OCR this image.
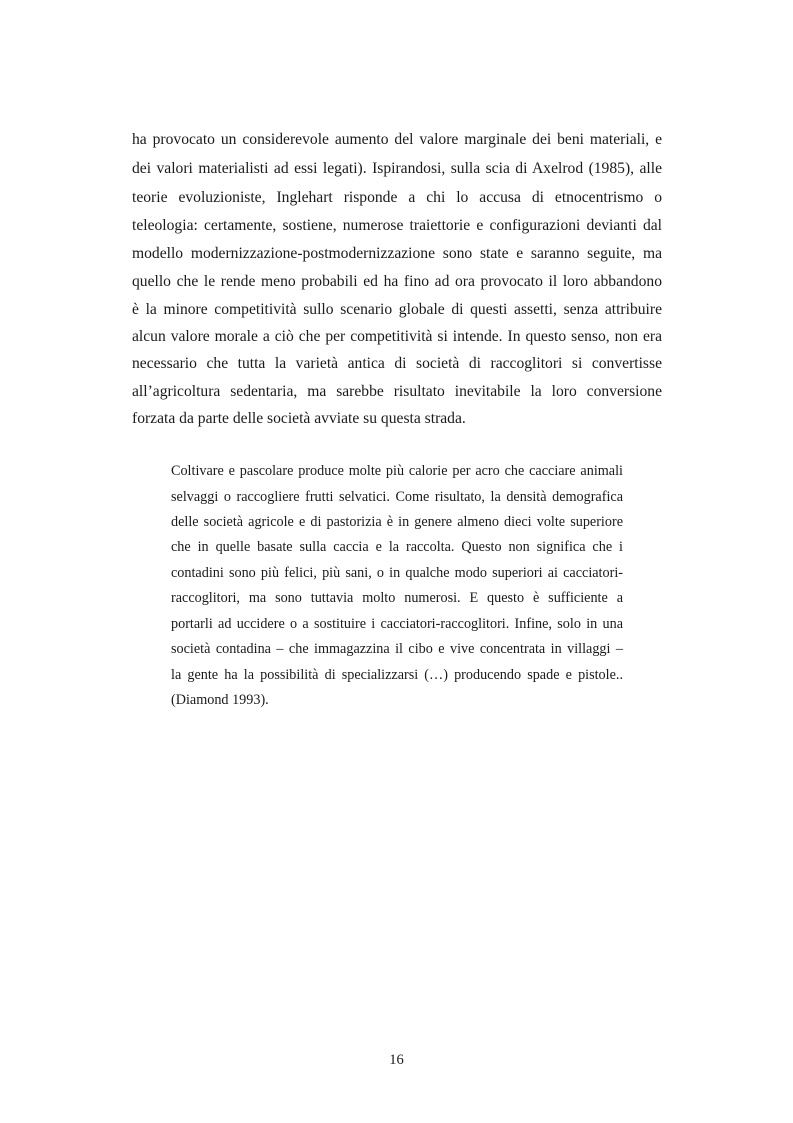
ha provocato un considerevole aumento del valore marginale dei beni materiali, e

dei valori materialisti ad essi legati). Ispirandosi, sulla scia di Axelrod (1985), alle

teorie evoluzioniste, Inglehart risponde a chi lo accusa di etnocentrismo o

teleologia: certamente, sostiene, numerose traiettorie e configurazioni devianti dal

modello modernizzazione-postmodernizzazione sono state e saranno seguite, ma

quello che le rende meno probabili ed ha fino ad ora provocato il loro abbandono

è la minore competitività sullo scenario globale di questi assetti, senza attribuire

alcun valore morale a ciò che per competitività si intende. In questo senso, non era

necessario che tutta la varietà antica di società di raccoglitori si convertisse

all’agricoltura sedentaria, ma sarebbe risultato inevitabile la loro conversione

forzata da parte delle società avviate su questa strada.

Coltivare e pascolare produce molte più calorie per acro che cacciare animali

selvaggi o raccogliere frutti selvatici. Come risultato, la densità demografica

delle società agricole e di pastorizia è in genere almeno dieci volte superiore

che in quelle basate sulla caccia e la raccolta. Questo non significa che i

contadini sono più felici, più sani, o in qualche modo superiori ai cacciatori-

raccoglitori, ma sono tuttavia molto numerosi. E questo è sufficiente a

portarli ad uccidere o a sostituire i cacciatori-raccoglitori. Infine, solo in una

società contadina – che immagazzina il cibo e vive concentrata in villaggi –

la gente ha la possibilità di specializzarsi (…) producendo spade e pistole..

(Diamond 1993).

16
